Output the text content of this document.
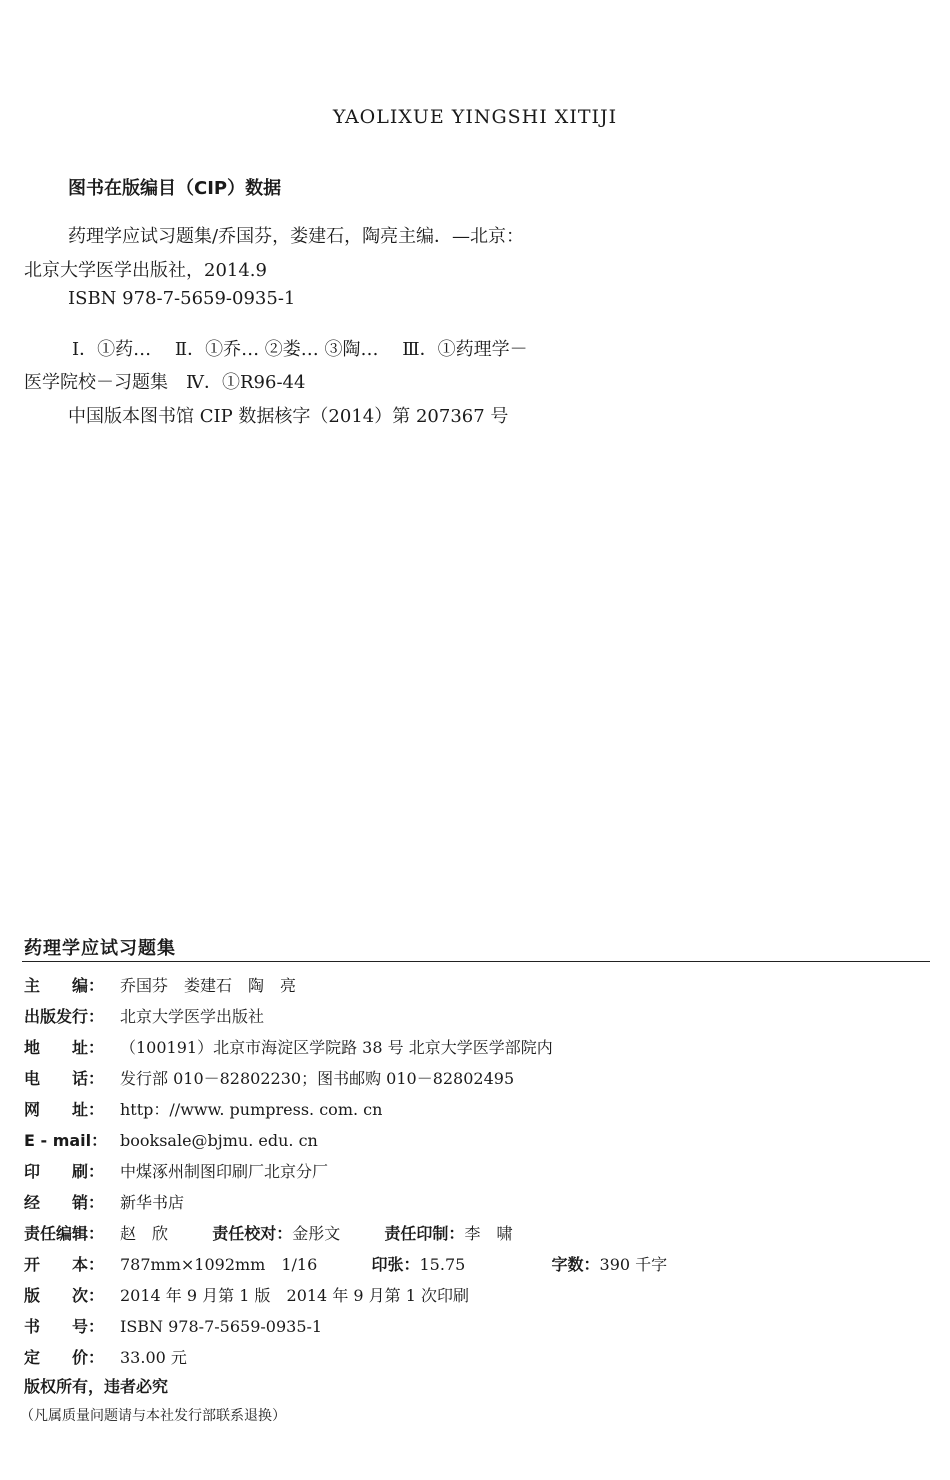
YAOLIXUE YINGSHI XITIJI
图书在版编目（CIP）数据
药理学应试习题集/乔国芬，娄建石，陶亮主编．—北京：
北京大学医学出版社，2014.9
ISBN 978-7-5659-0935-1
Ⅰ．①药…　 Ⅱ．①乔… ②娄… ③陶…　 Ⅲ．①药理学－
医学院校－习题集　Ⅳ．①R96-44
中国版本图书馆 CIP 数据核字（2014）第 207367 号
药理学应试习题集
主　　编： 乔国芬　娄建石　陶　亮
出版发行： 北京大学医学出版社
地　　址： （100191）北京市海淀区学院路 38 号 北京大学医学部院内
电　　话： 发行部 010－82802230；图书邮购 010－82802495
网　　址： http：//www. pumpress. com. cn
E - mail： booksale@bjmu. edu. cn
印　　刷： 中煤涿州制图印刷厂北京分厂
经　　销： 新华书店
责任编辑： 赵　欣	责任校对：金彤文	责任印制：李　啸
开　　本： 787mm×1092mm　1/16	印张：15.75	字数：390 千字
版　　次： 2014 年 9 月第 1 版　2014 年 9 月第 1 次印刷
书　　号： ISBN 978-7-5659-0935-1
定　　价： 33.00 元
版权所有，违者必究
（凡属质量问题请与本社发行部联系退换）
